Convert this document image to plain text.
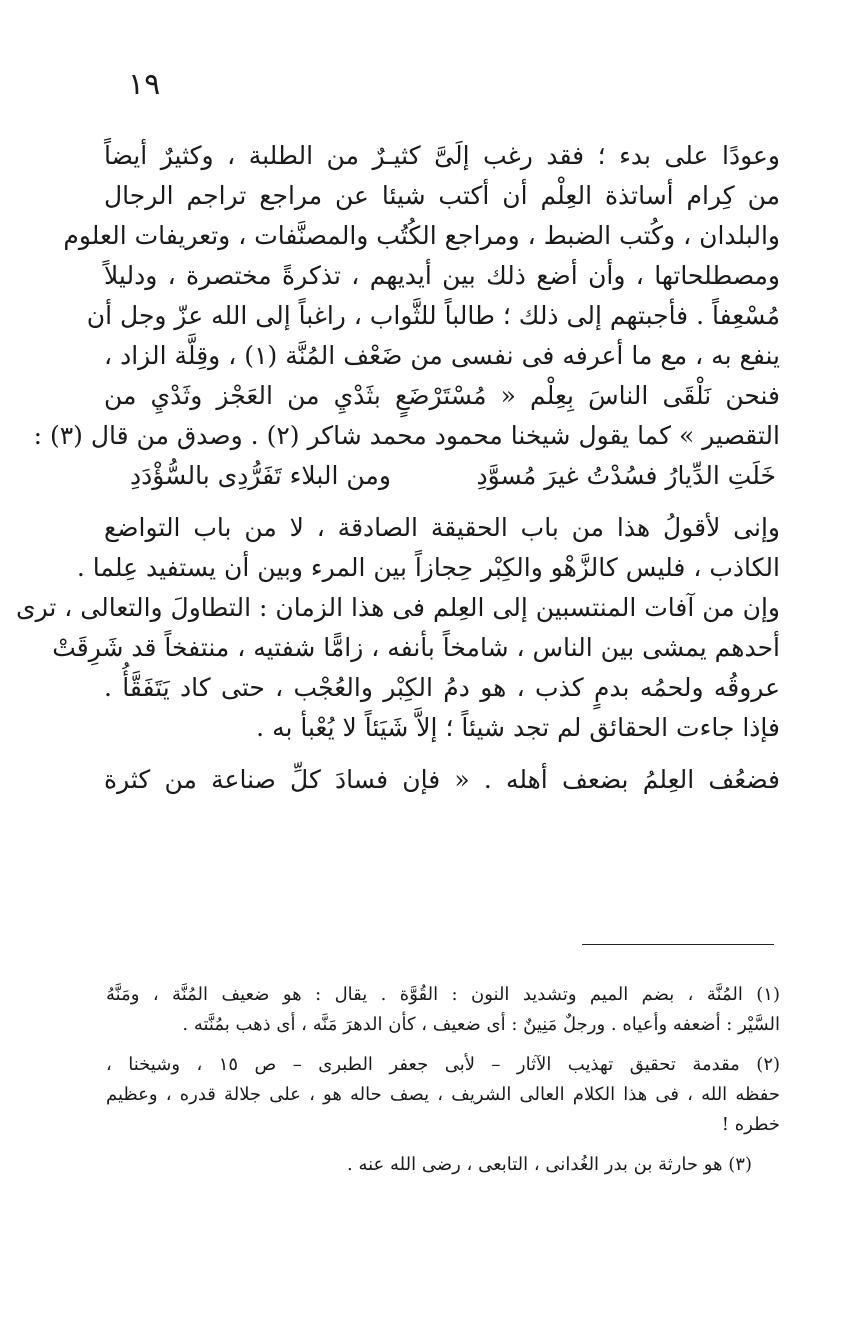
١٩
وعودًا على بدء ؛ فقد رغب إلَىَّ كثيـرٌ من الطلبة ، وكثيرٌ أيضاً
من كِرام أساتذة العِلْم أن أكتب شيئا عن مراجع تراجم الرجال
والبلدان ، وكُتب الضبط ، ومراجع الكُتُب والمصنَّفات ، وتعريفات العلوم
ومصطلحاتها ، وأن أضع ذلك بين أيديهم ، تذكرةً مختصرة ، ودليلاً
مُسْعِفاً . فأجبتهم إلى ذلك ؛ طالباً للثَّواب ، راغباً إلى الله عزّ وجل أن
ينفع به ، مع ما أعرفه فى نفسى من ضَعْف المُنَّة (١) ، وقِلَّة الزاد ،
فنحن نَلْقَى الناسَ بِعِلْم « مُسْتَرْضَعٍ بثَدْيِ من العَجْز وثَدْيِ من
التقصير » كما يقول شيخنا محمود محمد شاكر (٢) . وصدق من قال (٣) :
خَلَتِ الدِّيارُ فسُدْتُ غيرَ مُسوَّدِ
ومن البلاء تَفَرُّدِى بالسُّؤْدَدِ
وإنى لأقولُ هذا من باب الحقيقة الصادقة ، لا من باب التواضع
الكاذب ، فليس كالزَّهْو والكِبْر حِجازاً بين المرء وبين أن يستفيد عِلما .
وإن من آفات المنتسبين إلى العِلم فى هذا الزمان : التطاولَ والتعالى ، ترى
أحدهم يمشى بين الناس ، شامخاً بأنفه ، زامًّا شفتيه ، منتفخاً قد شَرِقَتْ
عروقُه ولحمُه بدمٍ كذب ، هو دمُ الكِبْر والعُجْب ، حتى كاد يَتَفَقَّأُ .
فإذا جاءت الحقائق لم تجد شيئاً ؛ إلاَّ شَيَئاً لا يُعْبأ به .
فضعُف العِلمُ بضعف أهله . « فإن فسادَ كلِّ صناعة من كثرة
(١) المُنَّة ، بضم الميم وتشديد النون : القُوَّة . يقال : هو ضعيف المُنَّة ، ومَنَّهُ
السَّيْر : أضعفه وأعياه . ورجلٌ مَنِينٌ : أى ضعيف ، كأن الدهرَ مَنَّه ، أى ذهب بمُنَّته .
(٢) مقدمة تحقيق تهذيب الآثار – لأبى جعفر الطبرى – ص ١٥ ، وشيخنا ،
حفظه الله ، فى هذا الكلام العالى الشريف ، يصف حاله هو ، على جلالة قدره ، وعظيم
خطره !
(٣) هو حارثة بن بدر الغُدانى ، التابعى ، رضى الله عنه .
